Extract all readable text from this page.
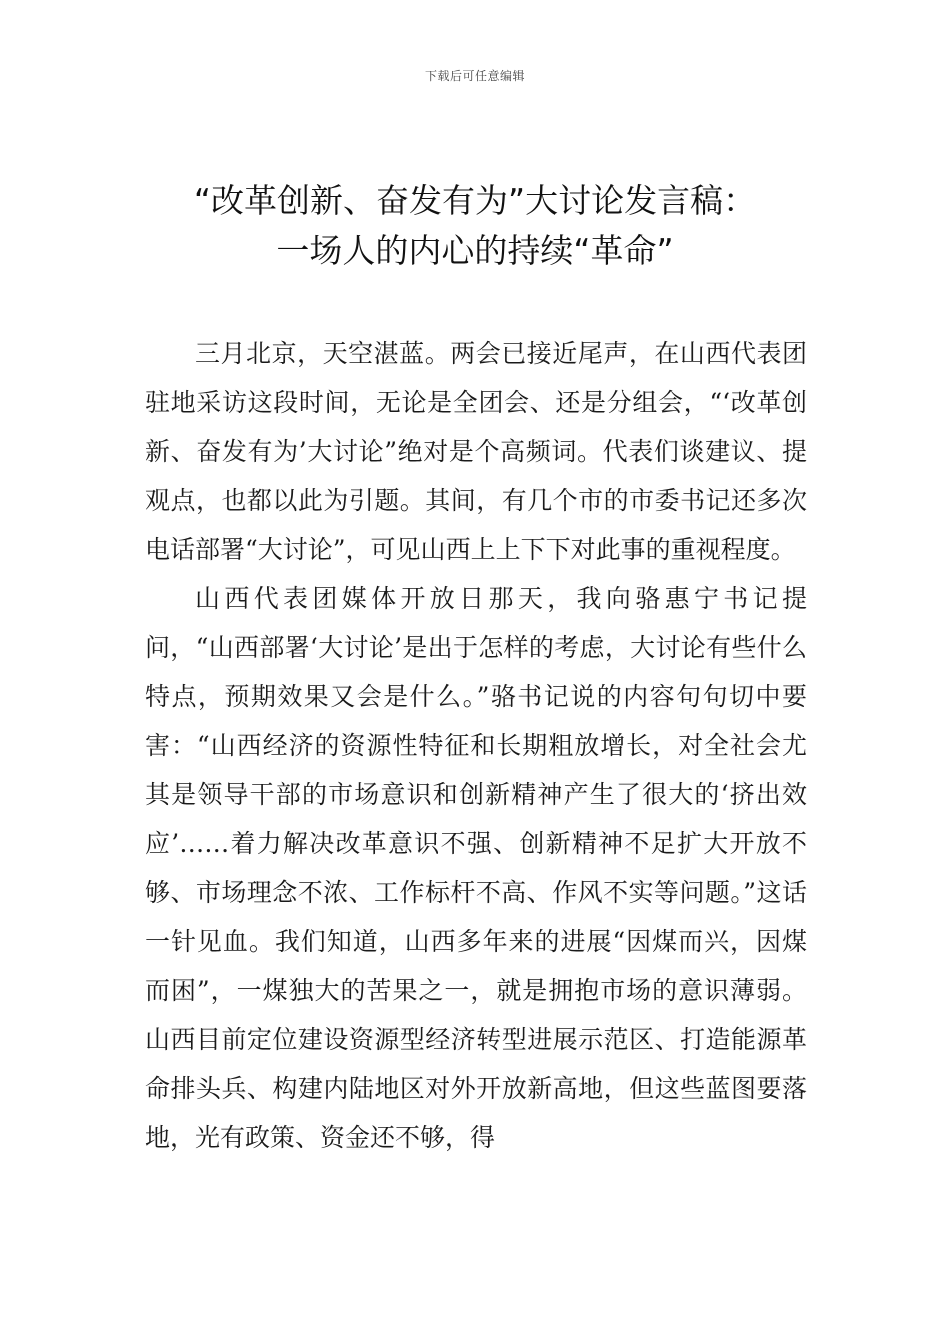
下载后可任意编辑
“改革创新、奋发有为”大讨论发言稿：
一场人的内心的持续“革命”

三月北京，天空湛蓝。两会已接近尾声，在山西代表团驻地采访这段时间，无论是全团会、还是分组会，“‘改革创新、奋发有为’大讨论”绝对是个高频词。代表们谈建议、提观点，也都以此为引题。其间，有几个市的市委书记还多次电话部署“大讨论”，可见山西上上下下对此事的重视程度。

山西代表团媒体开放日那天，我向骆惠宁书记提问，“山西部署‘大讨论’是出于怎样的考虑，大讨论有些什么特点，预期效果又会是什么。”骆书记说的内容句句切中要害：“山西经济的资源性特征和长期粗放增长，对全社会尤其是领导干部的市场意识和创新精神产生了很大的‘挤出效应’……着力解决改革意识不强、创新精神不足扩大开放不够、市场理念不浓、工作标杆不高、作风不实等问题。”这话一针见血。我们知道，山西多年来的进展“因煤而兴，因煤而困”，一煤独大的苦果之一，就是拥抱市场的意识薄弱。山西目前定位建设资源型经济转型进展示范区、打造能源革命排头兵、构建内陆地区对外开放新高地，但这些蓝图要落地，光有政策、资金还不够，得
